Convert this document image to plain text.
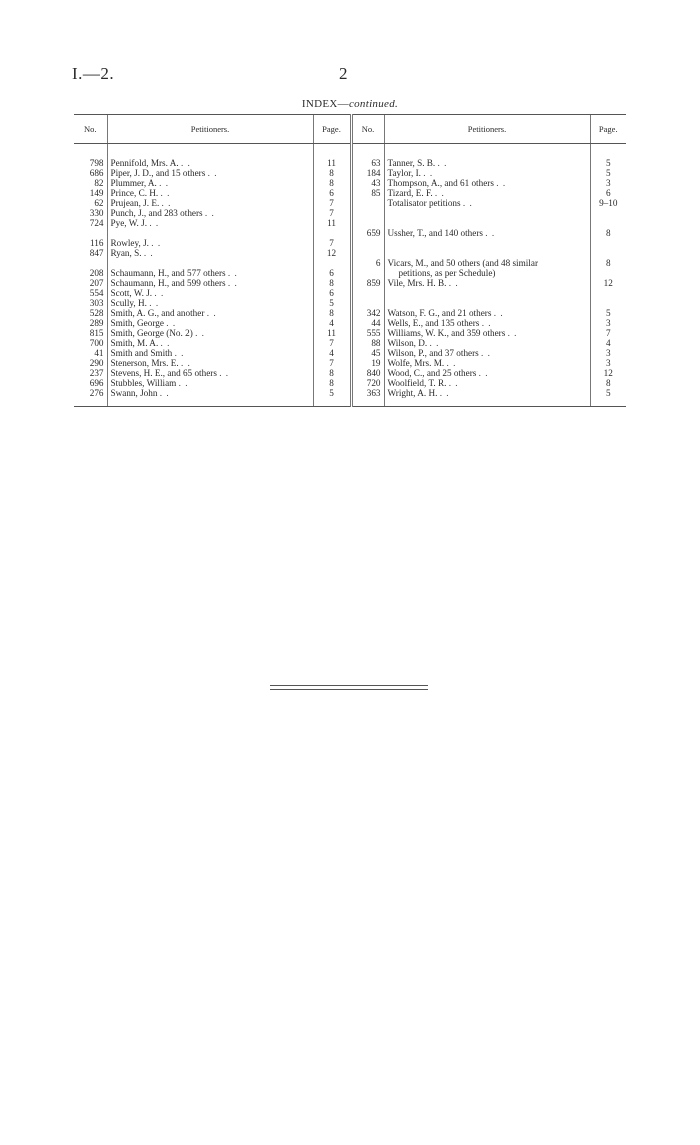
I.—2.	2
INDEX—continued.
No.	Petitioners.	Page.	No.	Petitioners.	Page.

798	Pennifold, Mrs. A. . .	11	63	Tanner, S. B. . .	5
686	Piper, J. D., and 15 others . .	8	184	Taylor, I. . .	5
82	Plummer, A. . .	8	43	Thompson, A., and 61 others . .	3
149	Prince, C. H. . .	6	85	Tizard, E. F. . .	6
62	Prujean, J. E. . .	7		Totalisator petitions . .	9–10
330	Punch, J., and 283 others . .	7			
724	Pye, W. J. . .	11			
			659	Ussher, T., and 140 others . .	8
116	Rowley, J. . .	7			
847	Ryan, S. . .	12			
			6	Vicars, M., and 50 others (and 48 similar	8
208	Schaumann, H., and 577 others . .	6		petitions, as per Schedule)	
207	Schaumann, H., and 599 others . .	8	859	Vile, Mrs. H. B. . .	12
554	Scott, W. J. . .	6			
303	Scully, H. . .	5			
528	Smith, A. G., and another . .	8	342	Watson, F. G., and 21 others . .	5
289	Smith, George . .	4	44	Wells, E., and 135 others . .	3
815	Smith, George (No. 2) . .	11	555	Williams, W. K., and 359 others . .	7
700	Smith, M. A. . .	7	88	Wilson, D. . .	4
41	Smith and Smith . .	4	45	Wilson, P., and 37 others . .	3
290	Stenerson, Mrs. E. . .	7	19	Wolfe, Mrs. M. . .	3
237	Stevens, H. E., and 65 others . .	8	840	Wood, C., and 25 others . .	12
696	Stubbles, William . .	8	720	Woolfield, T. R. . .	8
276	Swann, John . .	5	363	Wright, A. H. . .	5
